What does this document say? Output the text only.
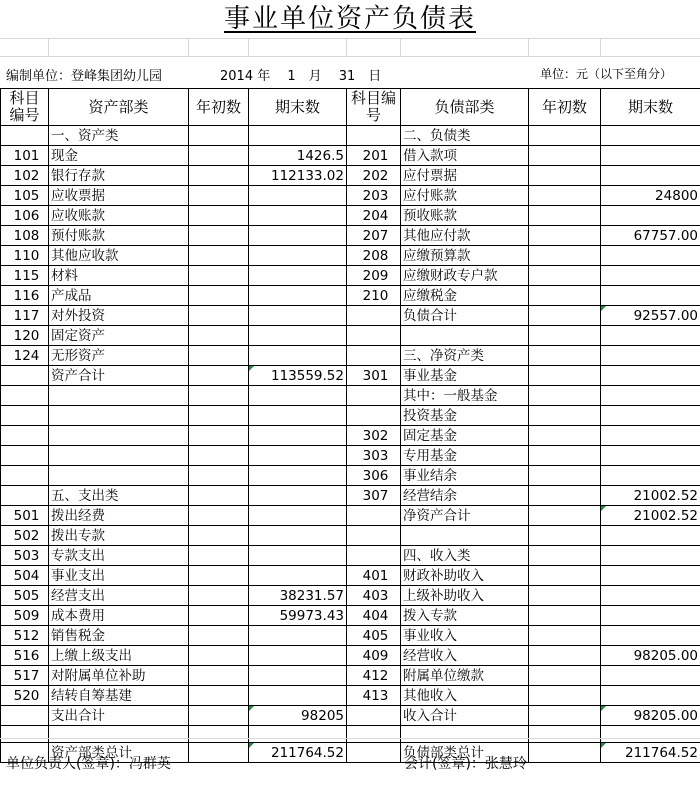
事业单位资产负债表
编制单位：登峰集团幼儿园	2014 年　 1　月　 31　日	单位：元（以下至角分）
科目编号	资产部类	年初数	期末数	科目编号	负债部类	年初数	期末数
	一、资产类				二、负债类		
101	现金		1426.5	201	借入款项		
102	银行存款		112133.02	202	应付票据		
105	应收票据			203	应付账款		24800
106	应收账款			204	预收账款		
108	预付账款			207	其他应付款		67757.00
110	其他应收款			208	应缴预算款		
115	材料			209	应缴财政专户款		
116	产成品			210	应缴税金		
117	对外投资				负债合计		92557.00
120	固定资产						
124	无形资产				三、净资产类		
	资产合计		113559.52	301	事业基金		
					其中：一般基金		
					投资基金		
				302	固定基金		
				303	专用基金		
				306	事业结余		
	五、支出类			307	经营结余		21002.52
501	拨出经费				净资产合计		21002.52
502	拨出专款						
503	专款支出				四、收入类		
504	事业支出			401	财政补助收入		
505	经营支出		38231.57	403	上级补助收入		
509	成本费用		59973.43	404	拨入专款		
512	销售税金			405	事业收入		
516	上缴上级支出			409	经营收入		98205.00
517	对附属单位补助			412	附属单位缴款		
520	结转自筹基建			413	其他收入		
	支出合计		98205		收入合计		98205.00

	资产部类总计		211764.52		负债部类总计		211764.52
单位负责人(签章)：冯群英	会计(签章)：张慧玲
